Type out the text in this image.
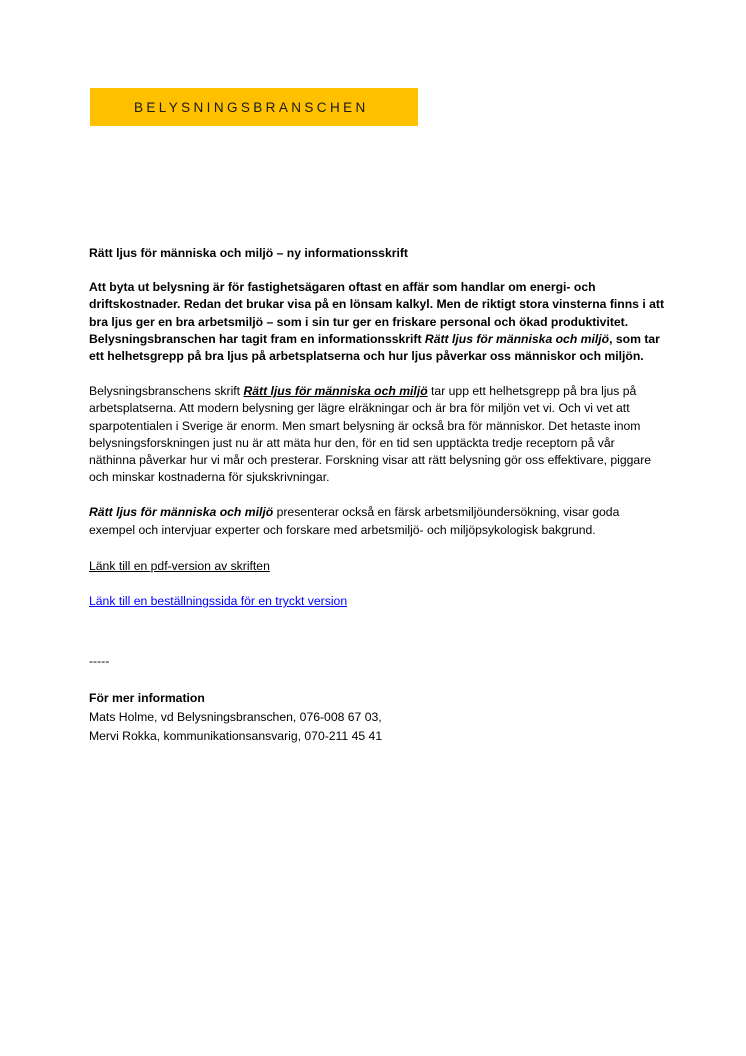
BELYSNINGSBRANSCHEN

Rätt ljus för människa och miljö – ny informationsskrift

Att byta ut belysning är för fastighetsägaren oftast en affär som handlar om energi- och driftskostnader. Redan det brukar visa på en lönsam kalkyl. Men de riktigt stora vinsterna finns i att bra ljus ger en bra arbetsmiljö – som i sin tur ger en friskare personal och ökad produktivitet. Belysningsbranschen har tagit fram en informationsskrift Rätt ljus för människa och miljö, som tar ett helhetsgrepp på bra ljus på arbetsplatserna och hur ljus påverkar oss människor och miljön.

Belysningsbranschens skrift Rätt ljus för människa och miljö tar upp ett helhetsgrepp på bra ljus på arbetsplatserna. Att modern belysning ger lägre elräkningar och är bra för miljön vet vi. Och vi vet att sparpotentialen i Sverige är enorm. Men smart belysning är också bra för människor. Det hetaste inom belysningsforskningen just nu är att mäta hur den, för en tid sen upptäckta tredje receptorn på vår näthinna påverkar hur vi mår och presterar. Forskning visar att rätt belysning gör oss effektivare, piggare och minskar kostnaderna för sjukskrivningar.

Rätt ljus för människa och miljö presenterar också en färsk arbetsmiljöundersökning, visar goda exempel och intervjuar experter och forskare med arbetsmiljö- och miljöpsykologisk bakgrund.

Länk till en pdf-version av skriften

Länk till en beställningssida för en tryckt version

-----

För mer information

Mats Holme, vd Belysningsbranschen, 076-008 67 03,

Mervi Rokka, kommunikationsansvarig, 070-211 45 41
